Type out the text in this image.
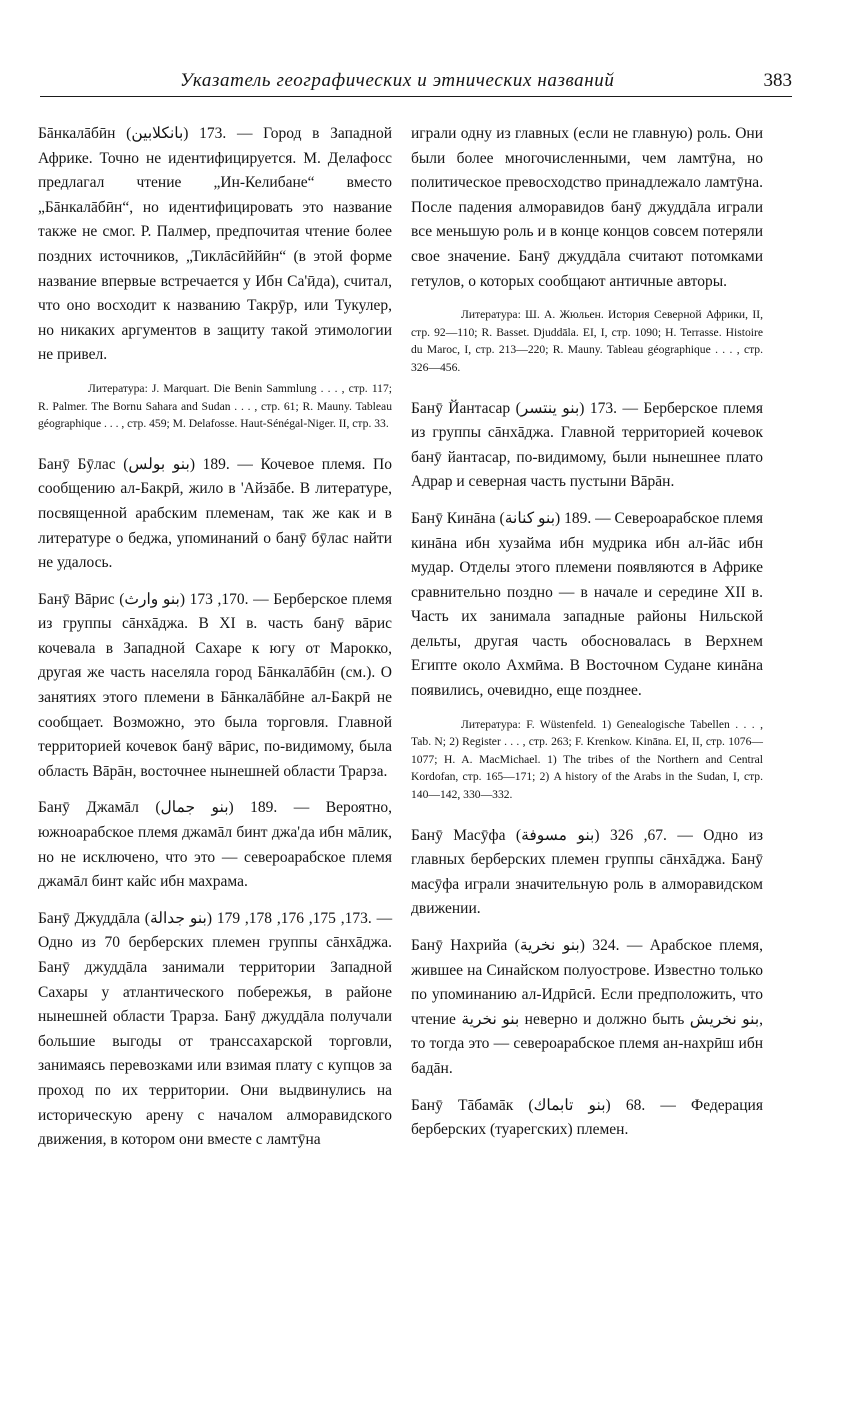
Указатель географических и этнических названий	383

Бāнкалāбӣн (بانكلابين) 173. — Город в Западной Африке. Точно не идентифицируется. М. Делафосс предлагал чтение „Ин-Келибане“ вместо „Бāнкалāбӣн“, но идентифицировать это название также не смог. Р. Палмер, предпочитая чтение более поздних источников, „Тиклāсӣййӣн“ (в этой форме название впервые встречается у Ибн Са'ӣда), считал, что оно восходит к названию Такрӯр, или Тукулер, но никаких аргументов в защиту такой этимологии не привел.

Литература: J. Marquart. Die Benin Sammlung . . . , стр. 117; R. Palmer. The Bornu Sahara and Sudan . . . , стр. 61; R. Mauny. Tableau géographique . . . , стр. 459; M. Delafosse. Haut-Sénégal-Niger. II, стр. 33.

Банӯ Бӯлас (بنو بولس) 189. — Кочевое племя. По сообщению ал-Бакрӣ, жило в 'Айзāбе. В литературе, посвященной арабским племенам, так же как и в литературе о беджа, упоминаний о банӯ бӯлас найти не удалось.

Банӯ Вāрис (بنو وارث) 170, 173. — Берберское племя из группы сāнхāджа. В XI в. часть банӯ вāрис кочевала в Западной Сахаре к югу от Марокко, другая же часть населяла город Бāнкалāбӣн (см.). О занятиях этого племени в Бāнкалāбӣне ал-Бакрӣ не сообщает. Возможно, это была торговля. Главной территорией кочевок банӯ вāрис, по-видимому, была область Вāрāн, восточнее нынешней области Трарза.

Банӯ Джамāл (بنو جمال) 189. — Вероятно, южноарабское племя джамāл бинт джа'да ибн мāлик, но не исключено, что это — североарабское племя джамāл бинт кайс ибн махрама.

Банӯ Джуддāла (بنو جدالة) 173, 175, 176, 178, 179. — Одно из 70 берберских племен группы сāнхāджа. Банӯ джуддāла занимали территории Западной Сахары у атлантического побережья, в районе нынешней области Трарза. Банӯ джуддāла получали большие выгоды от транссахарской торговли, занимаясь перевозками или взимая плату с купцов за проход по их территории. Они выдвинулись на историческую арену с началом алморавидского движения, в котором они вместе с ламтӯна

играли одну из главных (если не главную) роль. Они были более многочисленными, чем ламтӯна, но политическое превосходство принадлежало ламтӯна. После падения алморавидов банӯ джуддāла играли все меньшую роль и в конце концов совсем потеряли свое значение. Банӯ джуддāла считают потомками гетулов, о которых сообщают античные авторы.

Литература: Ш. А. Жюльен. История Северной Африки, II, стр. 92—110; R. Basset. Djuddāla. EI, I, стр. 1090; H. Terrasse. Histoire du Maroc, I, стр. 213—220; R. Mauny. Tableau géographique . . . , стр. 326—456.

Банӯ Йантасар (بنو ينتسر) 173. — Берберское племя из группы сāнхāджа. Главной территорией кочевок банӯ йантасар, по-видимому, были нынешнее плато Адрар и северная часть пустыни Вāрāн.

Банӯ Кинāна (بنو كنانة) 189. — Североарабское племя кинāна ибн хузайма ибн мудрика ибн ал-йāс ибн мудар. Отделы этого племени появляются в Африке сравнительно поздно — в начале и середине XII в. Часть их занимала западные районы Нильской дельты, другая часть обосновалась в Верхнем Египте около Ахмӣма. В Восточном Судане кинāна появились, очевидно, еще позднее.

Литература: F. Wüstenfeld. 1) Genealogische Tabellen . . . , Tab. N; 2) Register . . . , стр. 263; F. Krenkow. Kināna. EI, II, стр. 1076—1077; H. A. MacMichael. 1) The tribes of the Northern and Central Kordofan, стр. 165—171; 2) A history of the Arabs in the Sudan, I, стр. 140—142, 330—332.

Банӯ Масӯфа (بنو مسوفة) 67, 326. — Одно из главных берберских племен группы сāнхāджа. Банӯ масӯфа играли значительную роль в алморавидском движении.

Банӯ Нахрийа (بنو نخرية) 324. — Арабское племя, жившее на Синайском полуострове. Известно только по упоминанию ал-Идрӣсӣ. Если предположить, что чтение بنو نخرية неверно и должно быть بنو نخريش, то тогда это — североарабское племя ан-нахрӣш ибн бадāн.

Банӯ Тāбамāк (بنو تابماك) 68. — Федерация берберских (туарегских) племен.
